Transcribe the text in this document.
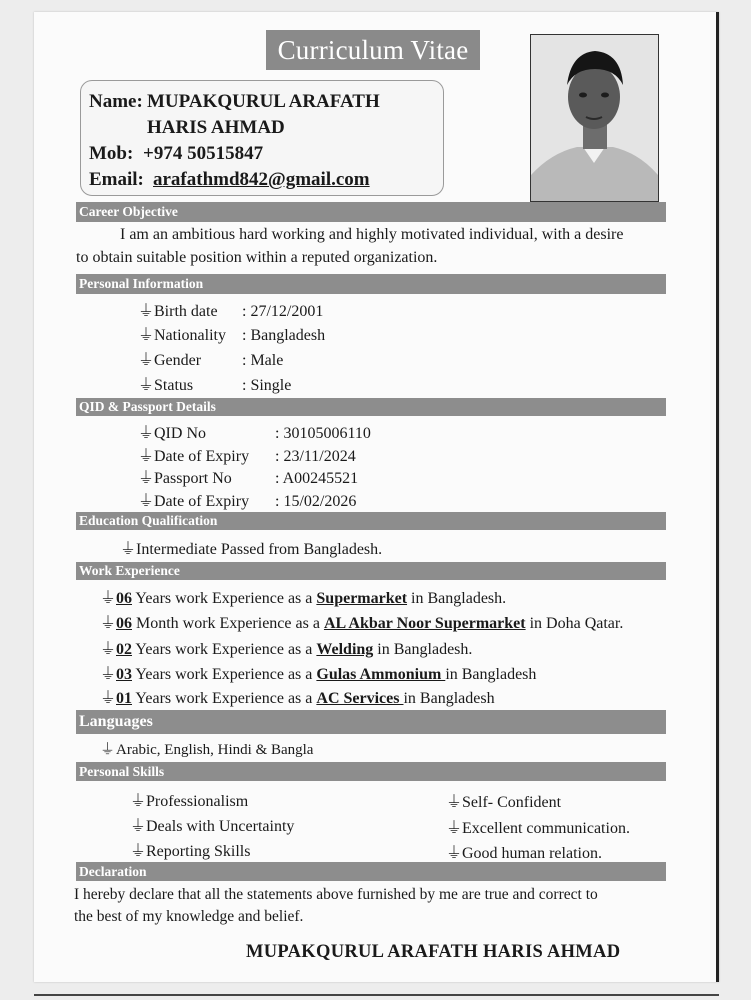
Curriculum Vitae
Name: MUPAKQURUL ARAFATH
HARIS AHMAD
Mob: +974 50515847
Email: arafathmd842@gmail.com
Career Objective
I am an ambitious hard working and highly motivated individual, with a desire
to obtain suitable position within a reputed organization.
Personal Information
⏚Birth date : 27/12/2001
⏚Nationality : Bangladesh
⏚Gender	: Male
⏚Status	: Single
QID & Passport Details
⏚QID No	: 30105006110
⏚Date of Expiry : 23/11/2024
⏚Passport No	: A00245521
⏚Date of Expiry : 15/02/2026
Education Qualification
⏚Intermediate Passed from Bangladesh.
Work Experience
⏚06 Years work Experience as a Supermarket in Bangladesh.
⏚06 Month work Experience as a AL Akbar Noor Supermarket in Doha Qatar.
⏚02 Years work Experience as a Welding in Bangladesh.
⏚03 Years work Experience as a Gulas Ammonium in Bangladesh
⏚01 Years work Experience as a AC Services in Bangladesh
Languages
⏚Arabic, English, Hindi & Bangla
Personal Skills
⏚Professionalism
⏚Deals with Uncertainty
⏚Reporting Skills
⏚Self- Confident
⏚Excellent communication.
⏚Good human relation.
Declaration
I hereby declare that all the statements above furnished by me are true and correct to
the best of my knowledge and belief.
MUPAKQURUL ARAFATH HARIS AHMAD
